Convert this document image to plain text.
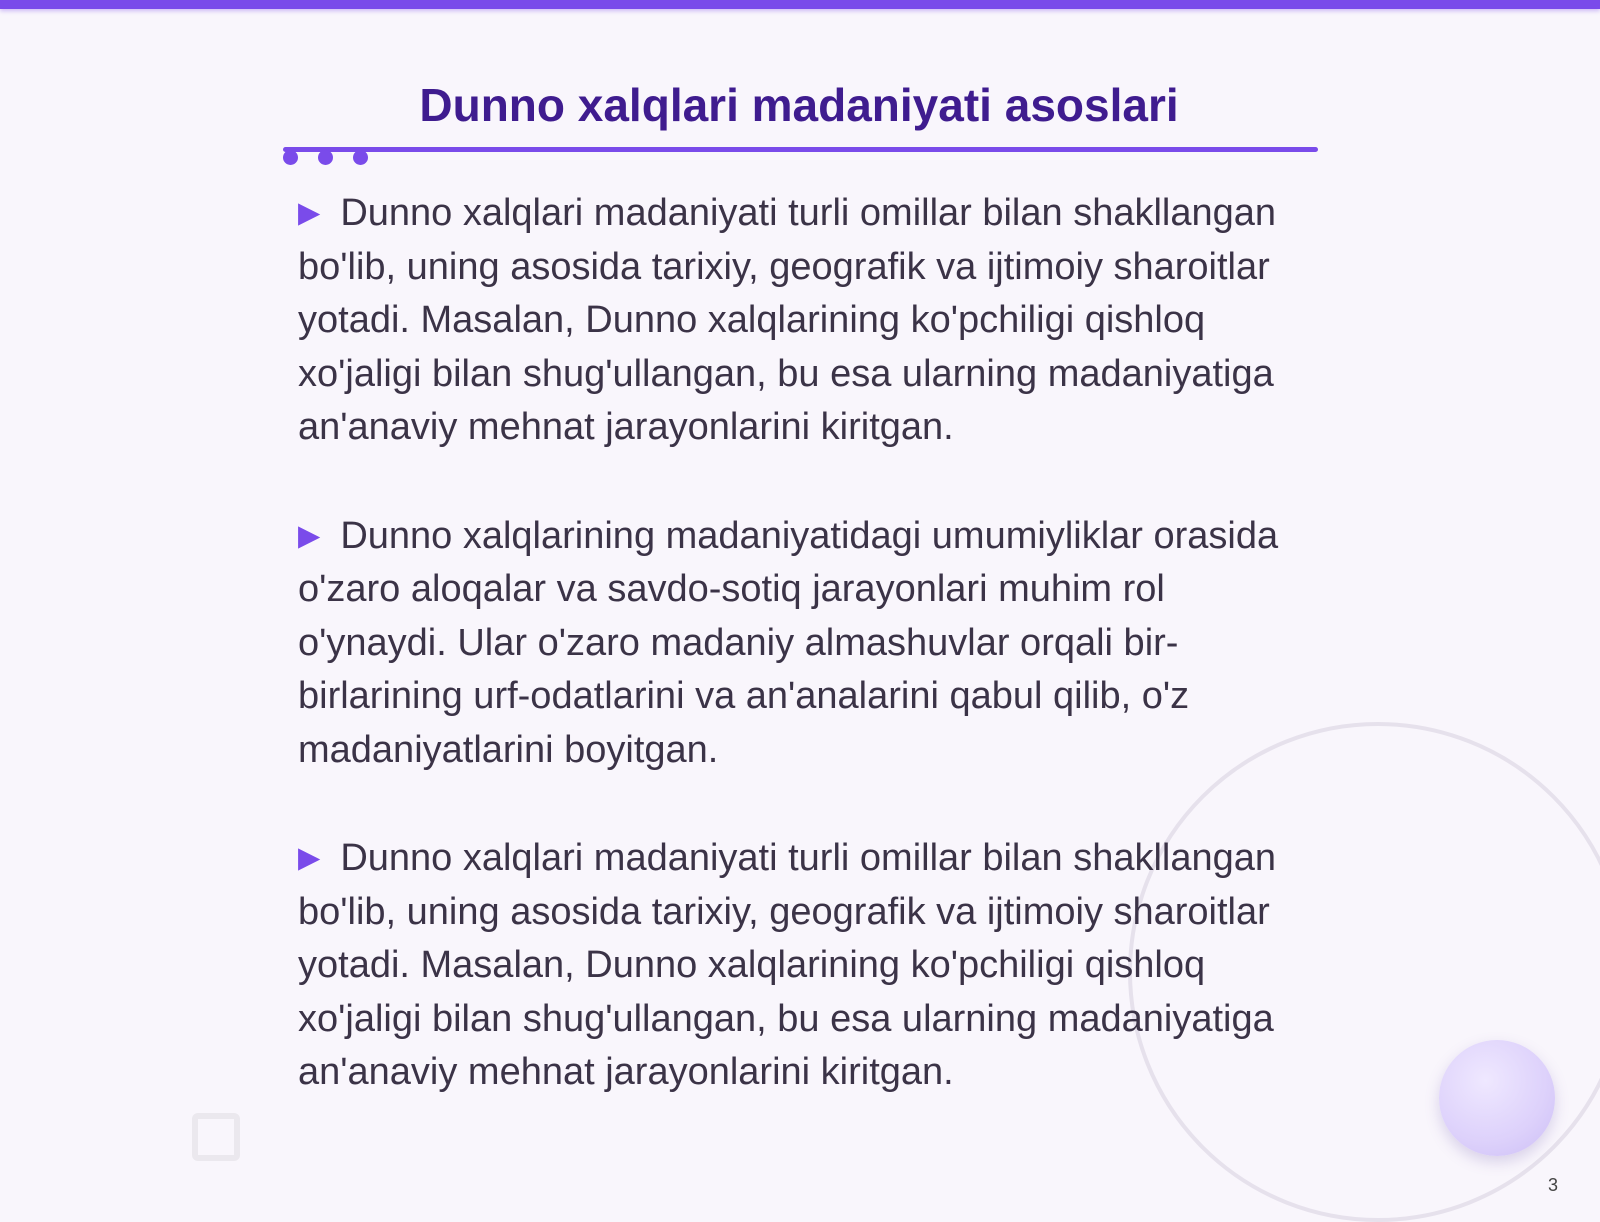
Dunno xalqlari madaniyati asoslari

▶ Dunno xalqlari madaniyati turli omillar bilan shakllangan bo'lib, uning asosida tarixiy, geografik va ijtimoiy sharoitlar yotadi. Masalan, Dunno xalqlarining ko'pchiligi qishloq xo'jaligi bilan shug'ullangan, bu esa ularning madaniyatiga an'anaviy mehnat jarayonlarini kiritgan.

▶ Dunno xalqlarining madaniyatidagi umumiyliklar orasida o'zaro aloqalar va savdo-sotiq jarayonlari muhim rol o'ynaydi. Ular o'zaro madaniy almashuvlar orqali bir-birlarining urf-odatlarini va an'analarini qabul qilib, o'z madaniyatlarini boyitgan.

▶ Dunno xalqlari madaniyati turli omillar bilan shakllangan bo'lib, uning asosida tarixiy, geografik va ijtimoiy sharoitlar yotadi. Masalan, Dunno xalqlarining ko'pchiligi qishloq xo'jaligi bilan shug'ullangan, bu esa ularning madaniyatiga an'anaviy mehnat jarayonlarini kiritgan.

3
